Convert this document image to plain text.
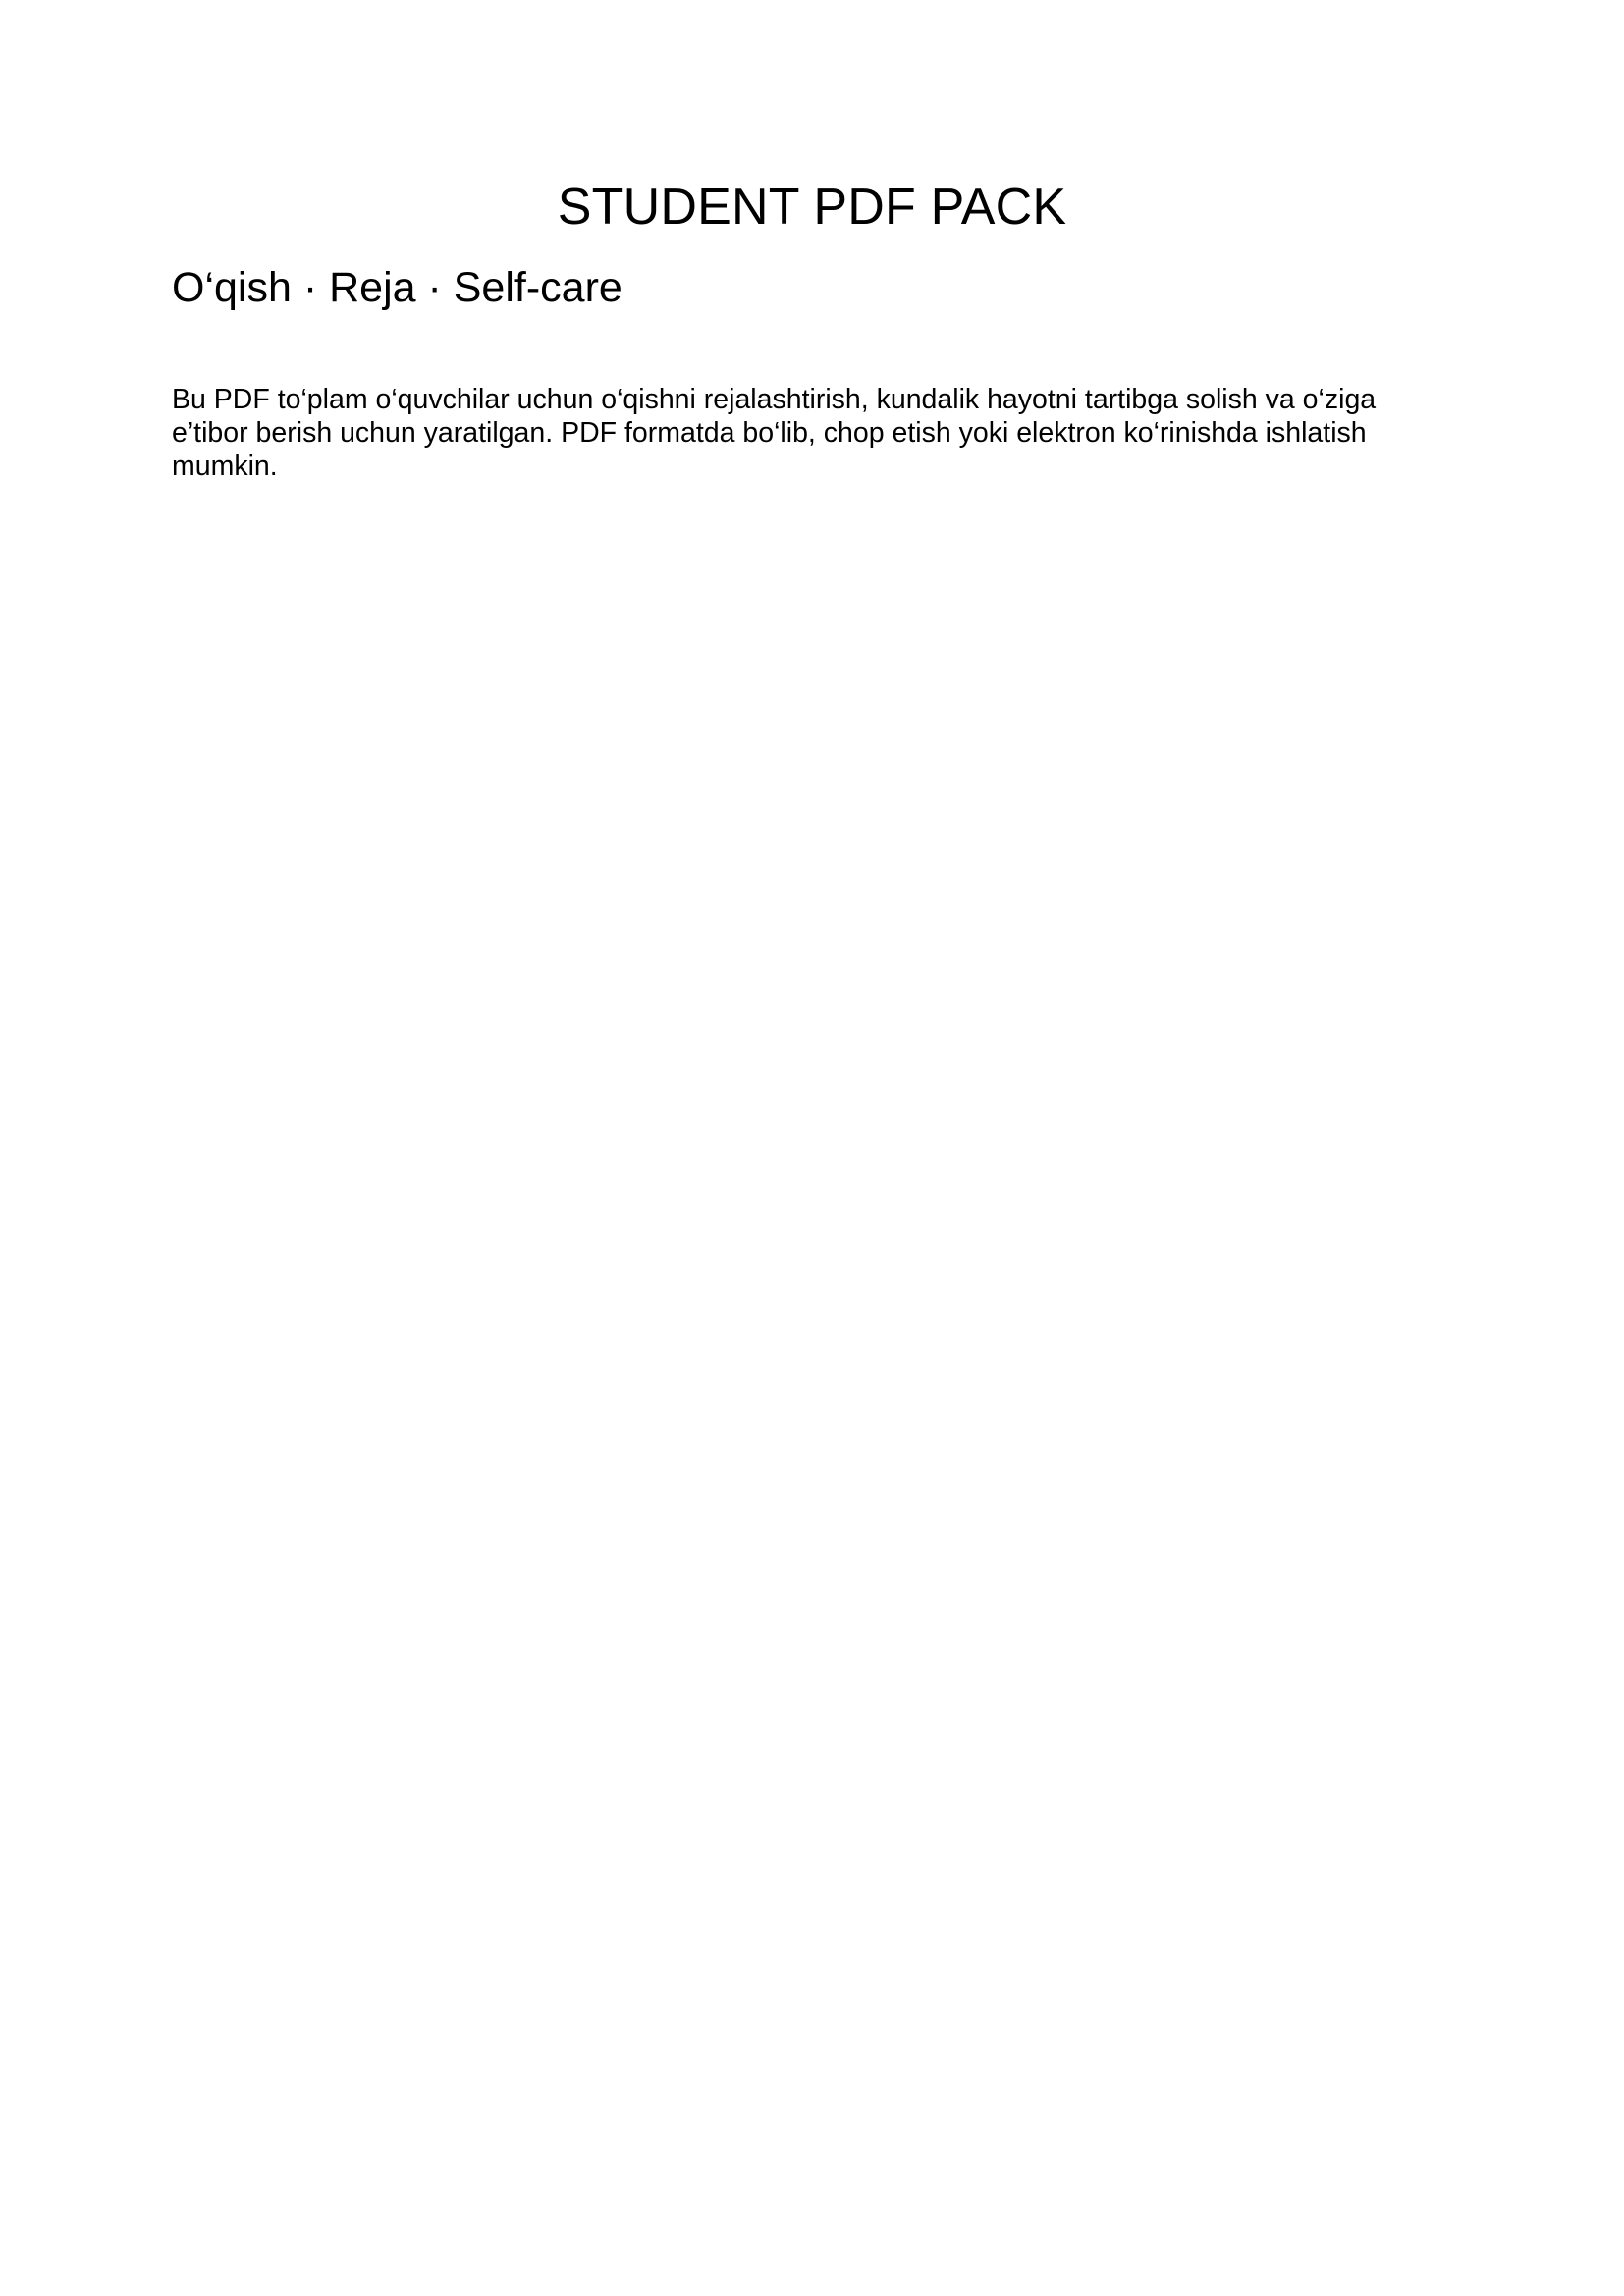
STUDENT PDF PACK
O‘qish · Reja · Self-care

Bu PDF to‘plam o‘quvchilar uchun o‘qishni rejalashtirish, kundalik hayotni tartibga solish va o‘ziga e’tibor berish uchun yaratilgan. PDF formatda bo‘lib, chop etish yoki elektron ko‘rinishda ishlatish mumkin.
